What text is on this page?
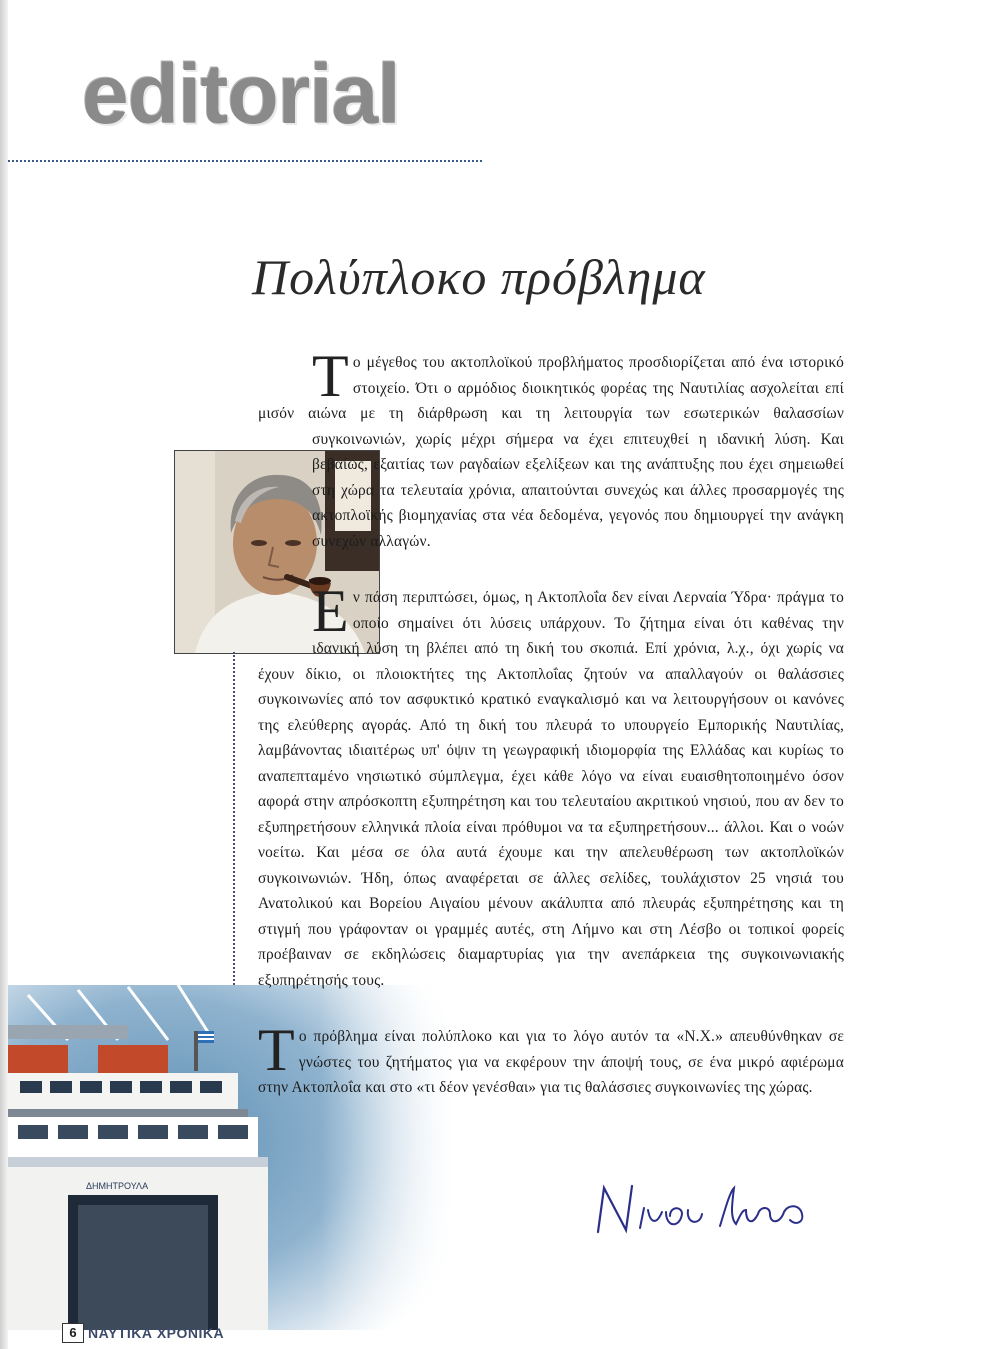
editorial
Πολύπλοκο πρόβλημα
ΔΗΜΗΤΡΟΥΛΑ

Το μέγεθος του ακτοπλοϊκού προβλήματος προσδιορίζεται από ένα ιστορικό στοιχείο. Ότι ο αρμόδιος διοικητικός φορέας της Ναυτιλίας ασχολείται επί μισόν αιώνα με τη διάρθρωση και τη λειτουργία των εσωτερικών θαλασσίων συγκοινωνιών, χωρίς μέχρι σήμερα να έχει επιτευχθεί η ιδανική λύση. Και βεβαίως, εξαιτίας των ραγδαίων εξελίξεων και της ανάπτυξης που έχει σημειωθεί στη χώρα τα τελευταία χρόνια, απαιτούνται συνεχώς και άλλες προσαρμογές της ακτοπλοϊκής βιομηχανίας στα νέα δεδομένα, γεγονός που δημιουργεί την ανάγκη συνεχών αλλαγών.

Εν πάση περιπτώσει, όμως, η Ακτοπλοΐα δεν είναι Λερναία Ύδρα· πράγμα το οποίο σημαίνει ότι λύσεις υπάρχουν. Το ζήτημα είναι ότι καθένας την ιδανική λύση τη βλέπει από τη δική του σκοπιά. Επί χρόνια, λ.χ., όχι χωρίς να έχουν δίκιο, οι πλοιοκτήτες της Ακτοπλοΐας ζητούν να απαλλαγούν οι θαλάσσιες συγκοινωνίες από τον ασφυκτικό κρατικό εναγκαλισμό και να λειτουργήσουν οι κανόνες της ελεύθερης αγοράς. Από τη δική του πλευρά το υπουργείο Εμπορικής Ναυτιλίας, λαμβάνοντας ιδιαιτέρως υπ' όψιν τη γεωγραφική ιδιομορφία της Ελλάδας και κυρίως το αναπεπταμένο νησιωτικό σύμπλεγμα, έχει κάθε λόγο να είναι ευαισθητοποιημένο όσον αφορά στην απρόσκοπτη εξυπηρέτηση και του τελευταίου ακριτικού νησιού, που αν δεν το εξυπηρετήσουν ελληνικά πλοία είναι πρόθυμοι να τα εξυπηρετήσουν... άλλοι. Και ο νοών νοείτω. Και μέσα σε όλα αυτά έχουμε και την απελευθέρωση των ακτοπλοϊκών συγκοινωνιών. Ήδη, όπως αναφέρεται σε άλλες σελίδες, τουλάχιστον 25 νησιά του Ανατολικού και Βορείου Αιγαίου μένουν ακάλυπτα από πλευράς εξυπηρέτησης και τη στιγμή που γράφονταν οι γραμμές αυτές, στη Λήμνο και στη Λέσβο οι τοπικοί φορείς προέβαιναν σε εκδηλώσεις διαμαρτυρίας για την ανεπάρκεια της συγκοινωνιακής εξυπηρέτησής τους.

Το πρόβλημα είναι πολύπλοκο και για το λόγο αυτόν τα «Ν.Χ.» απευθύνθηκαν σε γνώστες του ζητήματος για να εκφέρουν την άποψή τους, σε ένα μικρό αφιέρωμα στην Ακτοπλοΐα και στο «τι δέον γενέσθαι» για τις θαλάσσιες συγκοινωνίες της χώρας.

6 ΝΑΥΤΙΚΑ ΧΡΟΝΙΚΑ
